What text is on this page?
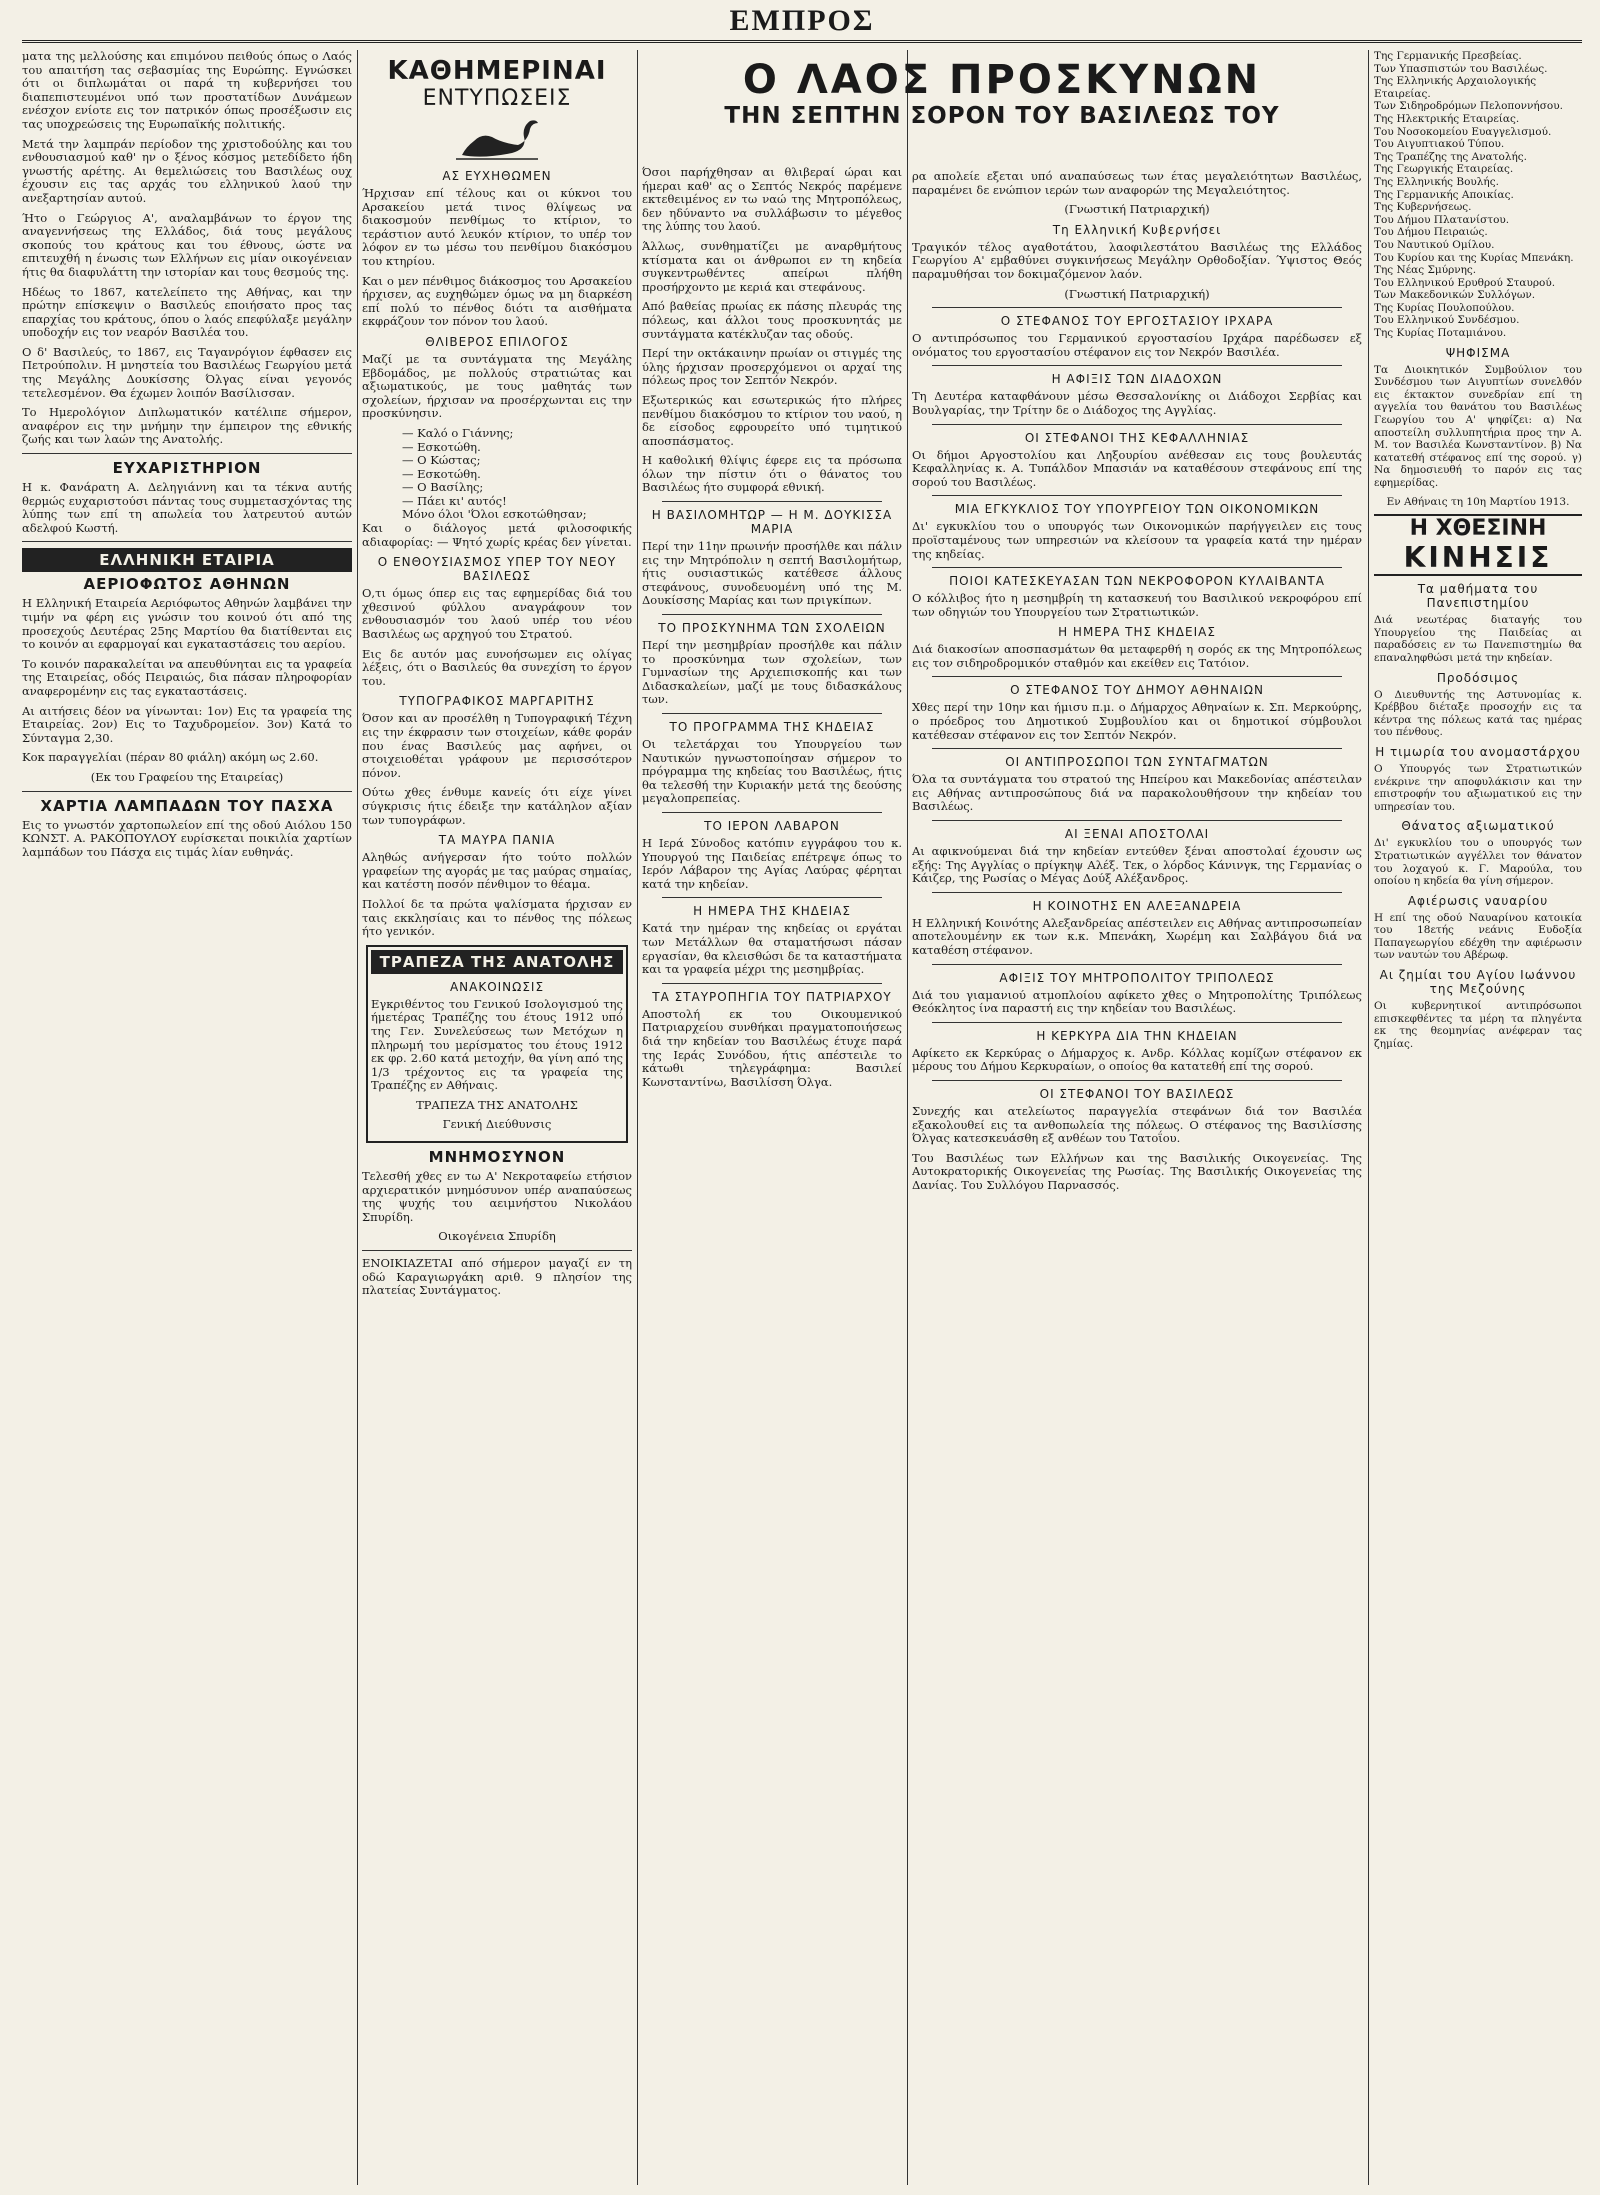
ΕΜΠΡΟΣ

ματα της μελλούσης και επιμόνου πειθούς όπως ο Λαός του απαιτήση τας σεβασμίας της Ευρώπης. Εγνώσκει ότι οι διπλωμάται οι παρά τη κυβερνήσει του διαπεπιστευμένοι υπό των προστατίδων Δυνάμεων ενέσχον ενίοτε εις τον πατρικόν όπως προσέξωσιν εις τας υποχρεώσεις της Ευρωπαϊκής πολιτικής.

Μετά την λαμπράν περίοδον της χριστοδούλης και του ενθουσιασμού καθ' ην ο ξένος κόσμος μετεδίδετο ήδη γνωστής αρέτης. Αι θεμελιώσεις του Βασιλέως ουχ έχουσιν εις τας αρχάς του ελληνικού λαού την ανεξαρτησίαν αυτού.

Ήτο ο Γεώργιος Α', αναλαμβάνων το έργον της αναγεννήσεως της Ελλάδος, διά τους μεγάλους σκοπούς του κράτους και του έθνους, ώστε να επιτευχθή η ένωσις των Ελλήνων εις μίαν οικογένειαν ήτις θα διαφυλάττη την ιστορίαν και τους θεσμούς της.

Ηδέως το 1867, κατελείπετο της Αθήνας, και την πρώτην επίσκεψιν ο Βασιλεύς εποιήσατο προς τας επαρχίας του κράτους, όπου ο λαός επεφύλαξε μεγάλην υποδοχήν εις τον νεαρόν Βασιλέα του.

Ο δ' Βασιλεύς, το 1867, εις Ταγανρόγιον έφθασεν εις Πετρούπολιν. Η μνηστεία του Βασιλέως Γεωργίου μετά της Μεγάλης Δουκίσσης Όλγας είναι γεγονός τετελεσμένον. Θα έχωμεν λοιπόν Βασίλισσαν.

Το Ημερολόγιον Διπλωματικόν κατέλιπε σήμερον, αναφέρον εις την μνήμην την έμπειρον της εθνικής ζωής και των λαών της Ανατολής.

ΕΥΧΑΡΙΣΤΗΡΙΟΝ

Η κ. Φανάρατη Α. Δεληγιάννη και τα τέκνα αυτής θερμώς ευχαριστούσι πάντας τους συμμετασχόντας της λύπης των επί τη απωλεία του λατρευτού αυτών αδελφού Κωστή.

ΕΛΛΗΝΙΚΗ ΕΤΑΙΡΙΑ
ΑΕΡΙΟΦΩΤΟΣ ΑΘΗΝΩΝ

Η Ελληνική Εταιρεία Αεριόφωτος Αθηνών λαμβάνει την τιμήν να φέρη εις γνώσιν του κοινού ότι από της προσεχούς Δευτέρας 25ης Μαρτίου θα διατίθενται εις το κοινόν αι εφαρμογαί και εγκαταστάσεις του αερίου.

Το κοινόν παρακαλείται να απευθύνηται εις τα γραφεία της Εταιρείας, οδός Πειραιώς, δια πάσαν πληροφορίαν αναφερομένην εις τας εγκαταστάσεις.

Αι αιτήσεις δέον να γίνωνται: 1ον) Εις τα γραφεία της Εταιρείας. 2ον) Εις το Ταχυδρομείον. 3ον) Κατά το Σύνταγμα 2,30.

Κοκ παραγγελίαι (πέραν 80 φιάλη) ακόμη ως 2.60.

(Εκ του Γραφείου της Εταιρείας)

ΧΑΡΤΙΑ ΛΑΜΠΑΔΩΝ ΤΟΥ ΠΑΣΧΑ

Εις το γνωστόν χαρτοπωλείον επί της οδού Αιόλου 150 ΚΩΝΣΤ. Α. ΡΑΚΟΠΟΥΛΟΥ ευρίσκεται ποικιλία χαρτίων λαμπάδων του Πάσχα εις τιμάς λίαν ευθηνάς.

ΚΑΘΗΜΕΡΙΝΑΙ
ΕΝΤΥΠΩΣΕΙΣ
ΑΣ ΕΥΧΗΘΩΜΕΝ

Ήρχισαν επί τέλους και οι κύκνοι του Αρσακείου μετά τινος θλίψεως να διακοσμούν πενθίμως το κτίριον, το τεράστιον αυτό λευκόν κτίριον, το υπέρ τον λόφον εν τω μέσω του πενθίμου διακόσμου του κτηρίου.

Και ο μεν πένθιμος διάκοσμος του Αρσακείου ήρχισεν, ας ευχηθώμεν όμως να μη διαρκέση επί πολύ το πένθος διότι τα αισθήματα εκφράζουν τον πόνον του λαού.

ΘΛΙΒΕΡΟΣ ΕΠΙΛΟΓΟΣ

Μαζί με τα συντάγματα της Μεγάλης Εβδομάδος, με πολλούς στρατιώτας και αξιωματικούς, με τους μαθητάς των σχολείων, ήρχισαν να προσέρχωνται εις την προσκύνησιν.

— Καλό ο Γιάννης;

— Εσκοτώθη.

— Ο Κώστας;

— Εσκοτώθη.

— Ο Βασίλης;

— Πάει κι' αυτός!

Μόνο όλοι 'Όλοι εσκοτώθησαν;

Και ο διάλογος μετά φιλοσοφικής αδιαφορίας: — Ψητό χωρίς κρέας δεν γίνεται.

Ο ΕΝΘΟΥΣΙΑΣΜΟΣ ΥΠΕΡ ΤΟΥ ΝΕΟΥ ΒΑΣΙΛΕΩΣ

Ο,τι όμως όπερ εις τας εφημερίδας διά του χθεσινού φύλλου αναγράφουν τον ενθουσιασμόν του λαού υπέρ του νέου Βασιλέως ως αρχηγού του Στρατού.

Εις δε αυτόν μας ευνοήσωμεν εις ολίγας λέξεις, ότι ο Βασιλεύς θα συνεχίση το έργον του.

ΤΥΠΟΓΡΑΦΙΚΟΣ ΜΑΡΓΑΡΙΤΗΣ

Όσον και αν προσέλθη η Τυπογραφική Τέχνη εις την έκφρασιν των στοιχείων, κάθε φοράν που ένας Βασιλεύς μας αφήνει, οι στοιχειοθέται γράφουν με περισσότερον πόνον.

Ούτω χθες ένθυμε κανείς ότι είχε γίνει σύγκρισις ήτις έδειξε την κατάληλον αξίαν των τυπογράφων.

ΤΑ ΜΑΥΡΑ ΠΑΝΙΑ

Αληθώς ανήγερσαν ήτο τούτο πολλών γραφείων της αγοράς με τας μαύρας σημαίας, και κατέστη ποσόν πένθιμον το θέαμα.

Πολλοί δε τα πρώτα ψαλίσματα ήρχισαν εν ταις εκκλησίαις και το πένθος της πόλεως ήτο γενικόν.

ΤΡΑΠΕΖΑ ΤΗΣ ΑΝΑΤΟΛΗΣ
ΑΝΑΚΟΙΝΩΣΙΣ

Εγκριθέντος του Γενικού Ισολογισμού της ήμετέρας Τραπέζης του έτους 1912 υπό της Γεν. Συνελεύσεως των Μετόχων η πληρωμή του μερίσματος του έτους 1912 εκ φρ. 2.60 κατά μετοχήν, θα γίνη από της 1/3 τρέχοντος εις τα γραφεία της Τραπέζης εν Αθήναις.

ΤΡΑΠΕΖΑ ΤΗΣ ΑΝΑΤΟΛΗΣ

Γενική Διεύθυνσις

ΜΝΗΜΟΣΥΝΟΝ

Τελεσθή χθες εν τω Α' Νεκροταφείω ετήσιον αρχιερατικόν μνημόσυνον υπέρ αναπαύσεως της ψυχής του αειμνήστου Νικολάου Σπυρίδη.

Οικογένεια Σπυρίδη

ΕΝΟΙΚΙΑΖΕΤΑΙ από σήμερον μαγαζί εν τη οδώ Καραγιωργάκη αριθ. 9 πλησίον της πλατείας Συντάγματος.

Όσοι παρήχθησαν αι θλιβεραί ώραι και ήμεραι καθ' ας ο Σεπτός Νεκρός παρέμενε εκτεθειμένος εν τω ναώ της Μητροπόλεως, δεν ηδύναντο να συλλάβωσιν το μέγεθος της λύπης του λαού.

Άλλως, συνθηματίζει με αναρθμήτους κτίσματα και οι άνθρωποι εν τη κηδεία συγκεντρωθέντες απείρωι πλήθη προσήρχοντο με κεριά και στεφάνους.

Από βαθείας πρωίας εκ πάσης πλευράς της πόλεως, και άλλοι τους προσκυνητάς με συντάγματα κατέκλυζαν τας οδούς.

Περί την οκτάκαινην πρωίαν οι στιγμές της ύλης ήρχισαν προσερχόμενοι οι αρχαί της πόλεως προς τον Σεπτόν Νεκρόν.

Εξωτερικώς και εσωτερικώς ήτο πλήρες πενθίμου διακόσμου το κτίριον του ναού, η δε είσοδος εφρουρείτο υπό τιμητικού αποσπάσματος.

Η καθολική θλίψις έφερε εις τα πρόσωπα όλων την πίστιν ότι ο θάνατος του Βασιλέως ήτο συμφορά εθνική.

Η ΒΑΣΙΛΟΜΗΤΩΡ — Η Μ. ΔΟΥΚΙΣΣΑ ΜΑΡΙΑ

Περί την 11ην πρωινήν προσήλθε και πάλιν εις την Μητρόπολιν η σεπτή Βασιλομήτωρ, ήτις ουσιαστικώς κατέθεσε άλλους στεφάνους, συνοδευομένη υπό της Μ. Δουκίσσης Μαρίας και των πριγκίπων.

ΤΟ ΠΡΟΣΚΥΝΗΜΑ ΤΩΝ ΣΧΟΛΕΙΩΝ

Περί την μεσημβρίαν προσήλθε και πάλιν το προσκύνημα των σχολείων, των Γυμνασίων της Αρχιεπισκοπής και των Διδασκαλείων, μαζί με τους διδασκάλους των.

ΤΟ ΠΡΟΓΡΑΜΜΑ ΤΗΣ ΚΗΔΕΙΑΣ

Οι τελετάρχαι του Υπουργείου των Ναυτικών ηγνωστοποίησαν σήμερον το πρόγραμμα της κηδείας του Βασιλέως, ήτις θα τελεσθή την Κυριακήν μετά της δεούσης μεγαλοπρεπείας.

ΤΟ ΙΕΡΟΝ ΛΑΒΑΡΟΝ

Η Ιερά Σύνοδος κατόπιν εγγράφου του κ. Υπουργού της Παιδείας επέτρεψε όπως το Ιερόν Λάβαρον της Αγίας Λαύρας φέρηται κατά την κηδείαν.

Η ΗΜΕΡΑ ΤΗΣ ΚΗΔΕΙΑΣ

Κατά την ημέραν της κηδείας οι εργάται των Μετάλλων θα σταματήσωσι πάσαν εργασίαν, θα κλεισθώσι δε τα καταστήματα και τα γραφεία μέχρι της μεσημβρίας.

ΤΑ ΣΤΑΥΡΟΠΗΓΙΑ ΤΟΥ ΠΑΤΡΙΑΡΧΟΥ

Αποστολή εκ του Οικουμενικού Πατριαρχείου συνθήκαι πραγματοποιήσεως διά την κηδείαν του Βασιλέως έτυχε παρά της Ιεράς Συνόδου, ήτις απέστειλε το κάτωθι τηλεγράφημα: Βασιλεί Κωνσταντίνω, Βασιλίσση Όλγα.

Ο ΛΑΟΣ ΠΡΟΣΚΥΝΩΝ
ΤΗΝ ΣΕΠΤΗΝ ΣΟΡΟΝ ΤΟΥ ΒΑΣΙΛΕΩΣ ΤΟΥ

ρα απολείε εξεται υπό αναπαύσεως των έτας μεγαλειότητων Βασιλέως, παραμένει δε ενώπιον ιερών των αναφορών της Μεγαλειότητος.

(Γνωστική Πατριαρχική)

Τη Ελληνική Κυβερνήσει

Τραγικόν τέλος αγαθοτάτου, λαοφιλεστάτου Βασιλέως της Ελλάδος Γεωργίου Α' εμβαθύνει συγκινήσεως Μεγάλην Ορθοδοξίαν. Ύψιστος Θεός παραμυθήσαι τον δοκιμαζόμενον λαόν.

(Γνωστική Πατριαρχική)

Ο ΣΤΕΦΑΝΟΣ ΤΟΥ ΕΡΓΟΣΤΑΣΙΟΥ ΙΡΧΑΡΑ

Ο αντιπρόσωπος του Γερμανικού εργοστασίου Ιρχάρα παρέδωσεν εξ ονόματος του εργοστασίου στέφανον εις τον Νεκρόν Βασιλέα.

Η ΑΦΙΞΙΣ ΤΩΝ ΔΙΑΔΟΧΩΝ

Τη Δευτέρα καταφθάνουν μέσω Θεσσαλονίκης οι Διάδοχοι Σερβίας και Βουλγαρίας, την Τρίτην δε ο Διάδοχος της Αγγλίας.

ΟΙ ΣΤΕΦΑΝΟΙ ΤΗΣ ΚΕΦΑΛΛΗΝΙΑΣ

Οι δήμοι Αργοστολίου και Ληξουρίου ανέθεσαν εις τους βουλευτάς Κεφαλληνίας κ. Α. Τυπάλδον Μπασιάν να καταθέσουν στεφάνους επί της σορού του Βασιλέως.

ΜΙΑ ΕΓΚΥΚΛΙΟΣ ΤΟΥ ΥΠΟΥΡΓΕΙΟΥ ΤΩΝ ΟΙΚΟΝΟΜΙΚΩΝ

Δι' εγκυκλίου του ο υπουργός των Οικονομικών παρήγγειλεν εις τους προϊσταμένους των υπηρεσιών να κλείσουν τα γραφεία κατά την ημέραν της κηδείας.

ΠΟΙΟΙ ΚΑΤΕΣΚΕΥΑΣΑΝ ΤΩΝ ΝΕΚΡΟΦΟΡΟΝ ΚΥΛΑΙΒΑΝΤΑ

Ο κόλλιβος ήτο η μεσημβρίη τη κατασκευή του Βασιλικού νεκροφόρου επί των οδηγιών του Υπουργείου των Στρατιωτικών.

Η ΗΜΕΡΑ ΤΗΣ ΚΗΔΕΙΑΣ

Διά διακοσίων αποσπασμάτων θα μεταφερθή η σορός εκ της Μητροπόλεως εις τον σιδηροδρομικόν σταθμόν και εκείθεν εις Τατόιον.

Ο ΣΤΕΦΑΝΟΣ ΤΟΥ ΔΗΜΟΥ ΑΘΗΝΑΙΩΝ

Χθες περί την 10ην και ήμισυ π.μ. ο Δήμαρχος Αθηναίων κ. Σπ. Μερκούρης, ο πρόεδρος του Δημοτικού Συμβουλίου και οι δημοτικοί σύμβουλοι κατέθεσαν στέφανον εις τον Σεπτόν Νεκρόν.

ΟΙ ΑΝΤΙΠΡΟΣΩΠΟΙ ΤΩΝ ΣΥΝΤΑΓΜΑΤΩΝ

Όλα τα συντάγματα του στρατού της Ηπείρου και Μακεδονίας απέστειλαν εις Αθήνας αντιπροσώπους διά να παρακολουθήσουν την κηδείαν του Βασιλέως.

ΑΙ ΞΕΝΑΙ ΑΠΟΣΤΟΛΑΙ

Αι αφικνούμεναι διά την κηδείαν εντεύθεν ξέναι αποστολαί έχουσιν ως εξής: Της Αγγλίας ο πρίγκηψ Αλέξ. Τεκ, ο λόρδος Κάνινγκ, της Γερμανίας ο Κάιζερ, της Ρωσίας ο Μέγας Δούξ Αλέξανδρος.

Η ΚΟΙΝΟΤΗΣ ΕΝ ΑΛΕΞΑΝΔΡΕΙΑ

Η Ελληνική Κοινότης Αλεξανδρείας απέστειλεν εις Αθήνας αντιπροσωπείαν αποτελουμένην εκ των κ.κ. Μπενάκη, Χωρέμη και Σαλβάγου διά να καταθέση στέφανον.

ΑΦΙΞΙΣ ΤΟΥ ΜΗΤΡΟΠΟΛΙΤΟΥ ΤΡΙΠΟΛΕΩΣ

Διά του γιαμανιού ατμοπλοίου αφίκετο χθες ο Μητροπολίτης Τριπόλεως Θεόκλητος ίνα παραστή εις την κηδείαν του Βασιλέως.

Η ΚΕΡΚΥΡΑ ΔΙΑ ΤΗΝ ΚΗΔΕΙΑΝ

Αφίκετο εκ Κερκύρας ο Δήμαρχος κ. Ανδρ. Κόλλας κομίζων στέφανον εκ μέρους του Δήμου Κερκυραίων, ο οποίος θα κατατεθή επί της σορού.

ΟΙ ΣΤΕΦΑΝΟΙ ΤΟΥ ΒΑΣΙΛΕΩΣ

Συνεχής και ατελείωτος παραγγελία στεφάνων διά τον Βασιλέα εξακολουθεί εις τα ανθοπωλεία της πόλεως. Ο στέφανος της Βασιλίσσης Όλγας κατεσκευάσθη εξ ανθέων του Τατοΐου.

Του Βασιλέως των Ελλήνων και της Βασιλικής Οικογενείας. Της Αυτοκρατορικής Οικογενείας της Ρωσίας. Της Βασιλικής Οικογενείας της Δανίας. Του Συλλόγου Παρνασσός.

Της Γερμανικής Πρεσβείας.

Των Υπασπιστών του Βασιλέως.

Της Ελληνικής Αρχαιολογικής Εταιρείας.

Των Σιδηροδρόμων Πελοποννήσου.

Της Ηλεκτρικής Εταιρείας.

Του Νοσοκομείου Ευαγγελισμού.

Του Αιγυπτιακού Τύπου.

Της Τραπέζης της Ανατολής.

Της Γεωργικής Εταιρείας.

Της Ελληνικής Βουλής.

Της Γερμανικής Αποικίας.

Της Κυβερνήσεως.

Του Δήμου Πλατανίστου.

Του Δήμου Πειραιώς.

Του Ναυτικού Ομίλου.

Του Κυρίου και της Κυρίας Μπενάκη.

Της Νέας Σμύρνης.

Του Ελληνικού Ερυθρού Σταυρού.

Των Μακεδονικών Συλλόγων.

Της Κυρίας Πουλοπούλου.

Του Ελληνικού Συνδέσμου.

Της Κυρίας Ποταμιάνου.

ΨΗΦΙΣΜΑ

Τα Διοικητικόν Συμβούλιον του Συνδέσμου των Αιγυπτίων συνελθόν εις έκτακτον συνεδρίαν επί τη αγγελία του θανάτου του Βασιλέως Γεωργίου του Α' ψηφίζει: α) Να αποστείλη συλλυπητήρια προς την Α. Μ. τον Βασιλέα Κωνσταντίνον. β) Να κατατεθή στέφανος επί της σορού. γ) Να δημοσιευθή το παρόν εις τας εφημερίδας.

Εν Αθήναις τη 10η Μαρτίου 1913.

Η ΧΘΕΣΙΝΗ
ΚΙΝΗΣΙΣ
Τα μαθήματα του Πανεπιστημίου

Διά νεωτέρας διαταγής του Υπουργείου της Παιδείας αι παραδόσεις εν τω Πανεπιστημίω θα επαναληφθώσι μετά την κηδείαν.

Προδόσιμος

Ο Διευθυντής της Αστυνομίας κ. Κρέββου διέταξε προσοχήν εις τα κέντρα της πόλεως κατά τας ημέρας του πένθους.

Η τιμωρία του ανομαστάρχου

Ο Υπουργός των Στρατιωτικών ενέκρινε την αποφυλάκισιν και την επιστροφήν του αξιωματικού εις την υπηρεσίαν του.

Θάνατος αξιωματικού

Δι' εγκυκλίου του ο υπουργός των Στρατιωτικών αγγέλλει τον θάνατον του λοχαγού κ. Γ. Μαρούλα, του οποίου η κηδεία θα γίνη σήμερον.

Αφιέρωσις ναυαρίου

Η επί της οδού Ναυαρίνου κατοικία του 18ετής νεάνις Ευδοξία Παπαγεωργίου εδέχθη την αφιέρωσιν των ναυτών του Αβέρωφ.

Αι ζημίαι του Αγίου Ιωάννου της Μεζούνης

Οι κυβερνητικοί αντιπρόσωποι επισκεφθέντες τα μέρη τα πληγέντα εκ της θεομηνίας ανέφεραν τας ζημίας.
